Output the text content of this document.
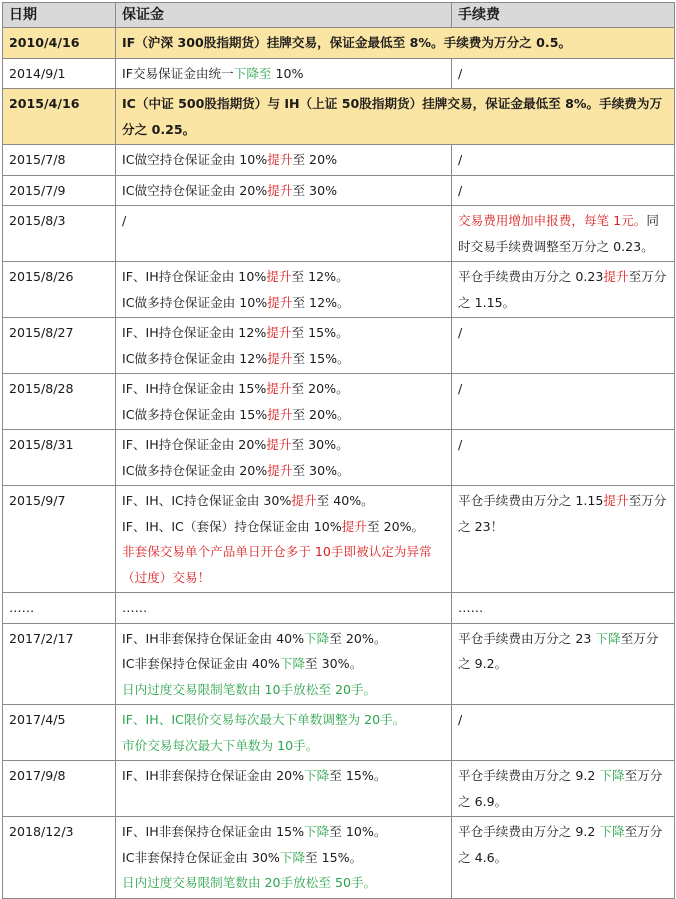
日期	保证金	手续费
2010/4/16	IF（沪深 300股指期货）挂牌交易，保证金最低至 8%。手续费为万分之 0.5。	

2014/9/1	IF交易保证金由统一下降至 10%	/

2015/4/16	IC（中证 500股指期货）与 IH（上证 50股指期货）挂牌交易，保证金最低至 8%。手续费为万分之 0.25。	

2015/7/8	IC做空持仓保证金由 10%提升至 20%	/

2015/7/9	IC做空持仓保证金由 20%提升至 30%	/

2015/8/3	/	交易费用增加申报费，每笔 1元。同时交易手续费调整至万分之 0.23。

2015/8/26	IF、IH持仓保证金由 10%提升至 12%。
IC做多持仓保证金由 10%提升至 12%。	平仓手续费由万分之 0.23提升至万分之 1.15。

2015/8/27	IF、IH持仓保证金由 12%提升至 15%。
IC做多持仓保证金由 12%提升至 15%。	/

2015/8/28	IF、IH持仓保证金由 15%提升至 20%。
IC做多持仓保证金由 15%提升至 20%。	/

2015/8/31	IF、IH持仓保证金由 20%提升至 30%。
IC做多持仓保证金由 20%提升至 30%。	/

2015/9/7	IF、IH、IC持仓保证金由 30%提升至 40%。
IF、IH、IC（套保）持仓保证金由 10%提升至 20%。
非套保交易单个产品单日开仓多于 10手即被认定为异常（过度）交易！	平仓手续费由万分之 1.15提升至万分之 23！

……	……	……

2017/2/17	IF、IH非套保持仓保证金由 40%下降至 20%。
IC非套保持仓保证金由 40%下降至 30%。
日内过度交易限制笔数由 10手放松至 20手。	平仓手续费由万分之 23 下降至万分之 9.2。

2017/4/5	IF、IH、IC限价交易每次最大下单数调整为 20手。
市价交易每次最大下单数为 10手。	/

2017/9/8	IF、IH非套保持仓保证金由 20%下降至 15%。	平仓手续费由万分之 9.2 下降至万分之 6.9。

2018/12/3	IF、IH非套保持仓保证金由 15%下降至 10%。
IC非套保持仓保证金由 30%下降至 15%。
日内过度交易限制笔数由 20手放松至 50手。	平仓手续费由万分之 9.2 下降至万分之 4.6。
